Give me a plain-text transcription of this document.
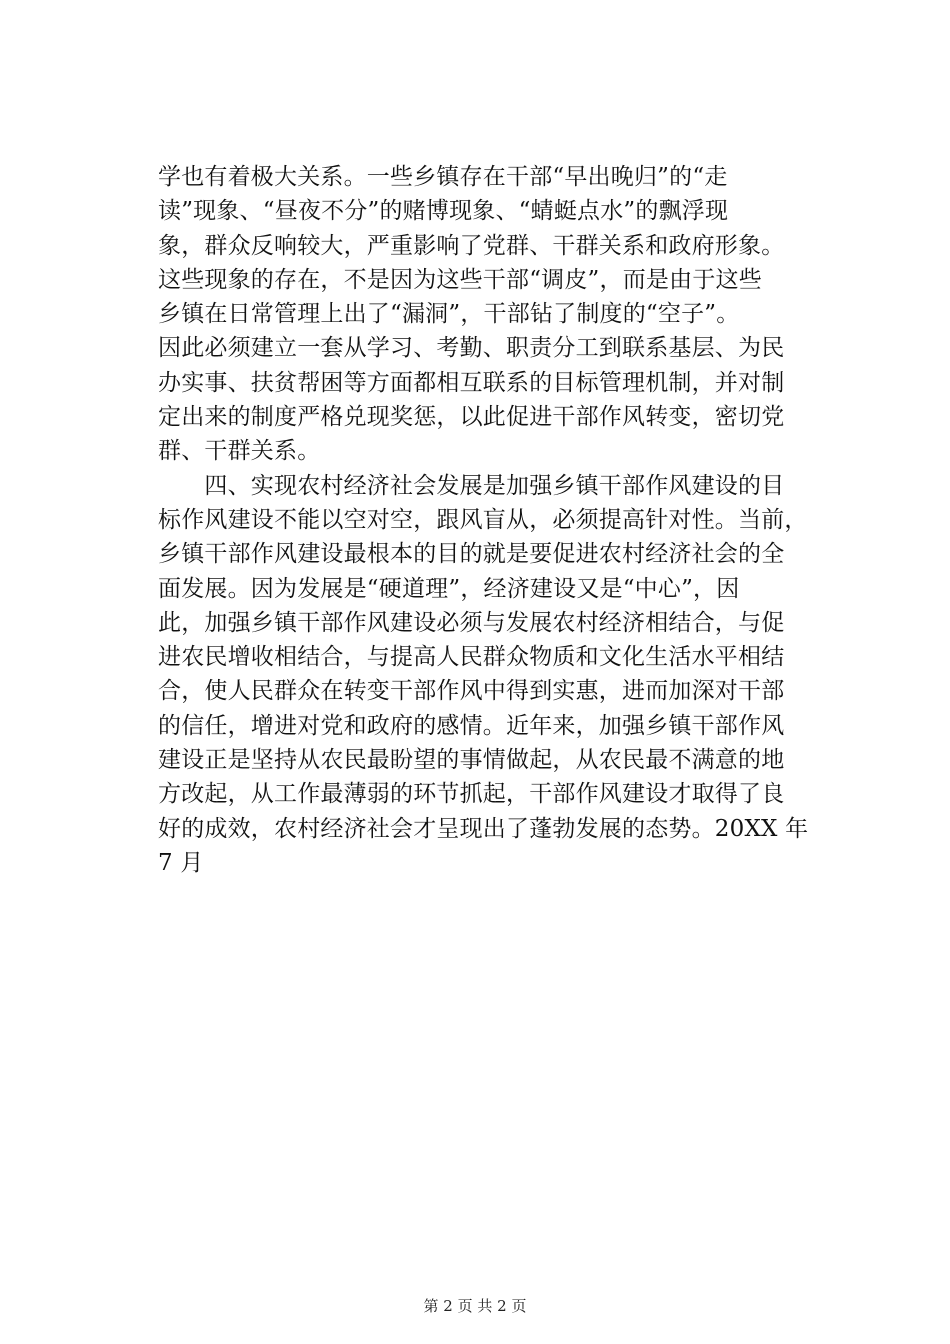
学也有着极大关系。一些乡镇存在干部“早出晚归”的“走
读”现象、“昼夜不分”的赌博现象、“蜻蜓点水”的飘浮现
象，群众反响较大，严重影响了党群、干群关系和政府形象。
这些现象的存在，不是因为这些干部“调皮”，而是由于这些
乡镇在日常管理上出了“漏洞”，干部钻了制度的“空子”。
因此必须建立一套从学习、考勤、职责分工到联系基层、为民
办实事、扶贫帮困等方面都相互联系的目标管理机制，并对制
定出来的制度严格兑现奖惩，以此促进干部作风转变，密切党
群、干群关系。
　　四、实现农村经济社会发展是加强乡镇干部作风建设的目
标作风建设不能以空对空，跟风盲从，必须提高针对性。当前，
乡镇干部作风建设最根本的目的就是要促进农村经济社会的全
面发展。因为发展是“硬道理”，经济建设又是“中心”，因
此，加强乡镇干部作风建设必须与发展农村经济相结合，与促
进农民增收相结合，与提高人民群众物质和文化生活水平相结
合，使人民群众在转变干部作风中得到实惠，进而加深对干部
的信任，增进对党和政府的感情。近年来，加强乡镇干部作风
建设正是坚持从农民最盼望的事情做起，从农民最不满意的地
方改起，从工作最薄弱的环节抓起，干部作风建设才取得了良
好的成效，农村经济社会才呈现出了蓬勃发展的态势。20XX 年
7 月
第 2 页 共 2 页
